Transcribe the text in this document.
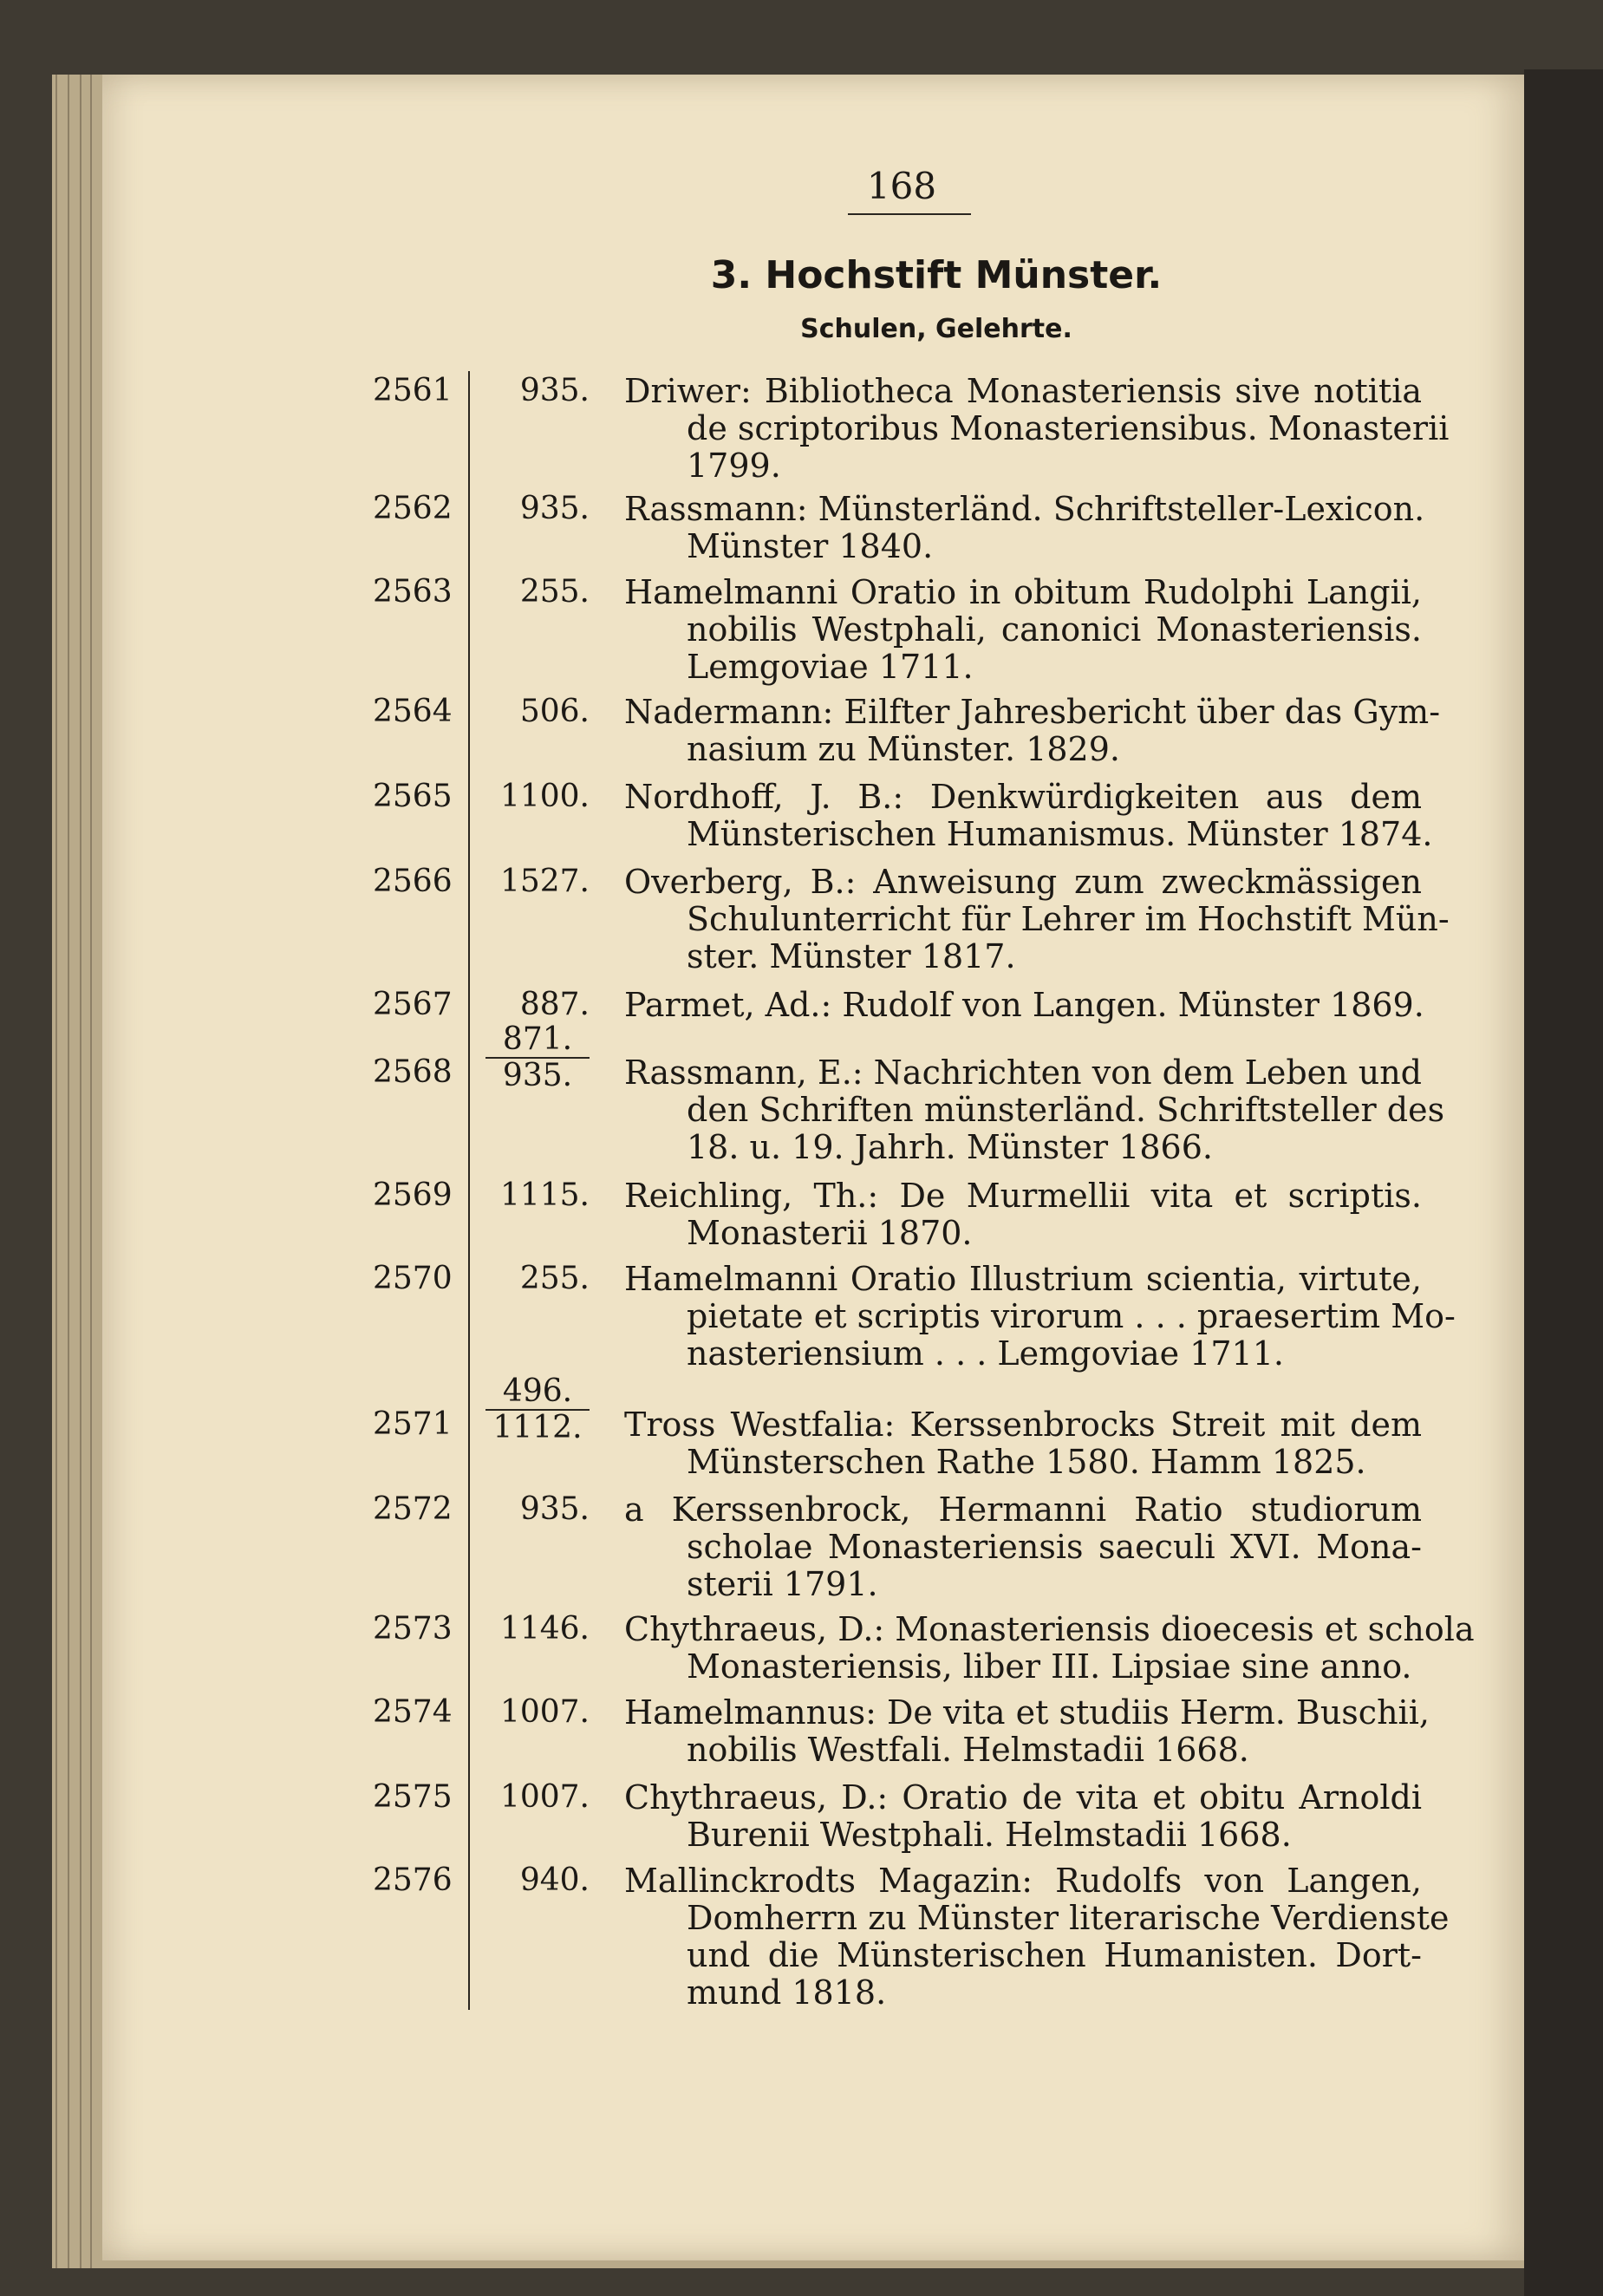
168
3. Hochstift Münster.
Schulen, Gelehrte.
2561	935. Driwer: Bibliotheca Monasteriensis sive notitia
de scriptoribus Monasteriensibus. Monasterii
1799.
2562	935. Rassmann: Münsterländ. Schriftsteller-Lexicon.
Münster 1840.
2563	255. Hamelmanni Oratio in obitum Rudolphi Langii,
nobilis Westphali, canonici Monasteriensis.
Lemgoviae 1711.
2564	506. Nadermann: Eilfter Jahresbericht über das Gym-
nasium zu Münster. 1829.
2565	1100. Nordhoff, J. B.: Denkwürdigkeiten aus dem
Münsterischen Humanismus. Münster 1874.
2566	1527. Overberg, B.: Anweisung zum zweckmässigen
Schulunterricht für Lehrer im Hochstift Mün-
ster. Münster 1817.
2567	887. Parmet, Ad.: Rudolf von Langen. Münster 1869.
$2568 \frac{871.}{935.}$ Rassmann, E.: Nachrichten von dem Leben und
den Schriften münsterländ. Schriftsteller des
18. u. 19. Jahrh. Münster 1866.
2569	1115. Reichling, Th.: De Murmellii vita et scriptis.
Monasterii 1870.
2570	255. Hamelmanni Oratio Illustrium scientia, virtute,
pietate et scriptis virorum . . . praesertim Mo-
nasteriensium . . . Lemgoviae 1711.
$2571 \frac{496.}{1112.}$ Tross Westfalia: Kerssenbrocks Streit mit dem
Münsterschen Rathe 1580. Hamm 1825.
2572	935. a Kerssenbrock, Hermanni Ratio studiorum
scholae Monasteriensis saeculi XVI. Mona-
sterii 1791.
2573	1146. Chythraeus, D.: Monasteriensis dioecesis et schola
Monasteriensis, liber III. Lipsiae sine anno.
2574	1007. Hamelmannus: De vita et studiis Herm. Buschii,
nobilis Westfali. Helmstadii 1668.
2575	1007. Chythraeus, D.: Oratio de vita et obitu Arnoldi
Burenii Westphali. Helmstadii 1668.
2576	940. Mallinckrodts Magazin: Rudolfs von Langen,
Domherrn zu Münster literarische Verdienste
und die Münsterischen Humanisten. Dort-
mund 1818.
